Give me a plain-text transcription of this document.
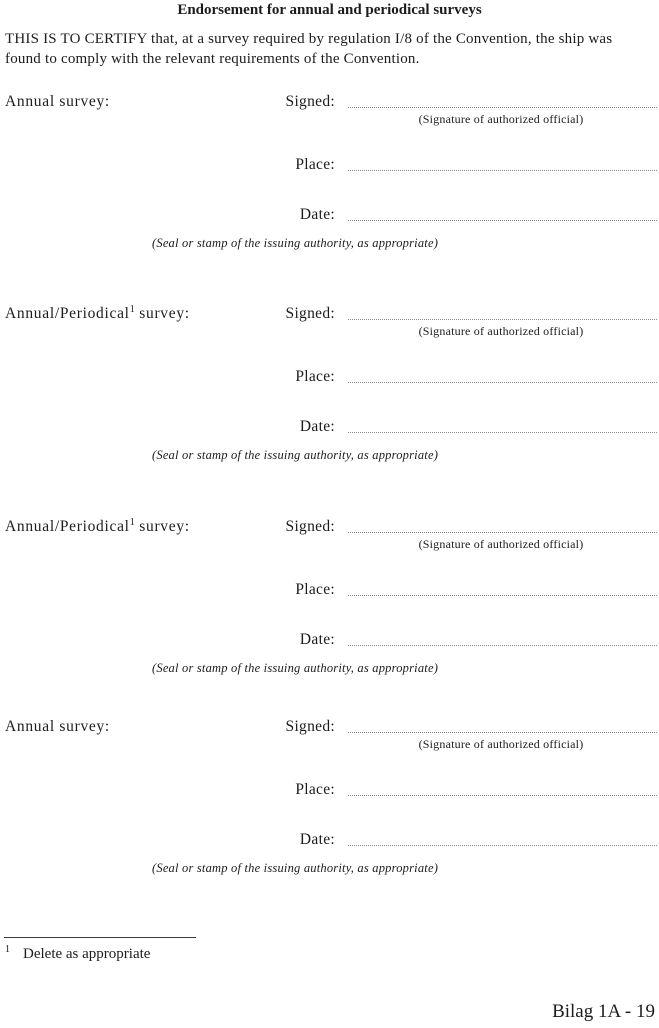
Endorsement for annual and periodical surveys

THIS IS TO CERTIFY that, at a survey required by regulation I/8 of the Convention, the ship was found to comply with the relevant requirements of the Convention.

Annual survey:	Signed:
(Signature of authorized official)
Place:
Date:
(Seal or stamp of the issuing authority, as appropriate)
Annual/Periodical$^1$ survey:	Signed:
(Signature of authorized official)
Place:
Date:
(Seal or stamp of the issuing authority, as appropriate)
Annual/Periodical$^1$ survey:	Signed:
(Signature of authorized official)
Place:
Date:
(Seal or stamp of the issuing authority, as appropriate)
Annual survey:	Signed:
(Signature of authorized official)
Place:
Date:
(Seal or stamp of the issuing authority, as appropriate)
$^1$ Delete as appropriate
Bilag 1A - 19
